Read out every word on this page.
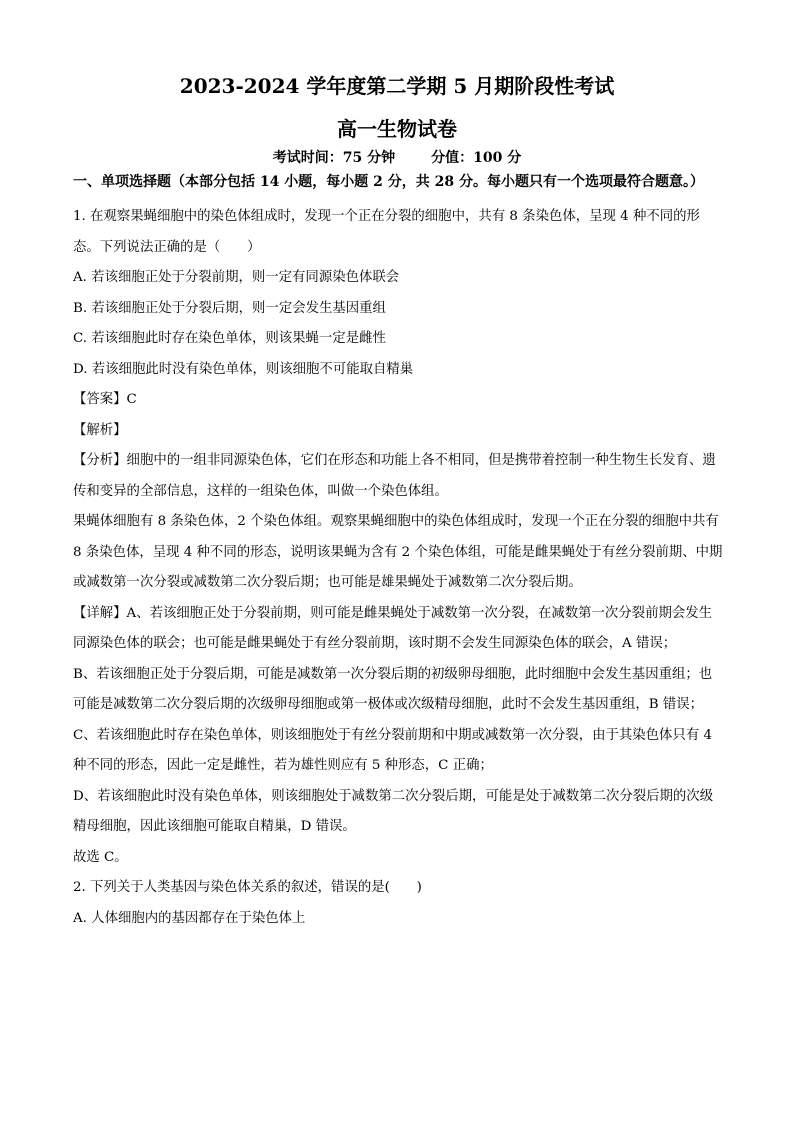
2023-2024 学年度第二学期 5 月期阶段性考试
高一生物试卷
考试时间：75 分钟	分值：100 分

一、单项选择题（本部分包括 14 小题，每小题 2 分，共 28 分。每小题只有一个选项最符合题意。）

1. 在观察果蝇细胞中的染色体组成时，发现一个正在分裂的细胞中，共有 8 条染色体，呈现 4 种不同的形态。下列说法正确的是（　　）

A. 若该细胞正处于分裂前期，则一定有同源染色体联会

B. 若该细胞正处于分裂后期，则一定会发生基因重组

C. 若该细胞此时存在染色单体，则该果蝇一定是雌性

D. 若该细胞此时没有染色单体，则该细胞不可能取自精巢

【答案】C

【解析】

【分析】细胞中的一组非同源染色体，它们在形态和功能上各不相同，但是携带着控制一种生物生长发育、遗传和变异的全部信息，这样的一组染色体，叫做一个染色体组。

果蝇体细胞有 8 条染色体，2 个染色体组。观察果蝇细胞中的染色体组成时，发现一个正在分裂的细胞中共有 8 条染色体，呈现 4 种不同的形态，说明该果蝇为含有 2 个染色体组，可能是雌果蝇处于有丝分裂前期、中期或减数第一次分裂或减数第二次分裂后期；也可能是雄果蝇处于减数第二次分裂后期。

【详解】A、若该细胞正处于分裂前期，则可能是雌果蝇处于减数第一次分裂，在减数第一次分裂前期会发生同源染色体的联会；也可能是雌果蝇处于有丝分裂前期，该时期不会发生同源染色体的联会，A 错误；

B、若该细胞正处于分裂后期，可能是减数第一次分裂后期的初级卵母细胞，此时细胞中会发生基因重组；也可能是减数第二次分裂后期的次级卵母细胞或第一极体或次级精母细胞，此时不会发生基因重组，B 错误；

C、若该细胞此时存在染色单体，则该细胞处于有丝分裂前期和中期或减数第一次分裂，由于其染色体只有 4 种不同的形态，因此一定是雌性，若为雄性则应有 5 种形态，C 正确；

D、若该细胞此时没有染色单体，则该细胞处于减数第二次分裂后期，可能是处于减数第二次分裂后期的次级精母细胞，因此该细胞可能取自精巢，D 错误。

故选 C。

2. 下列关于人类基因与染色体关系的叙述，错误的是(　　)

A. 人体细胞内的基因都存在于染色体上
